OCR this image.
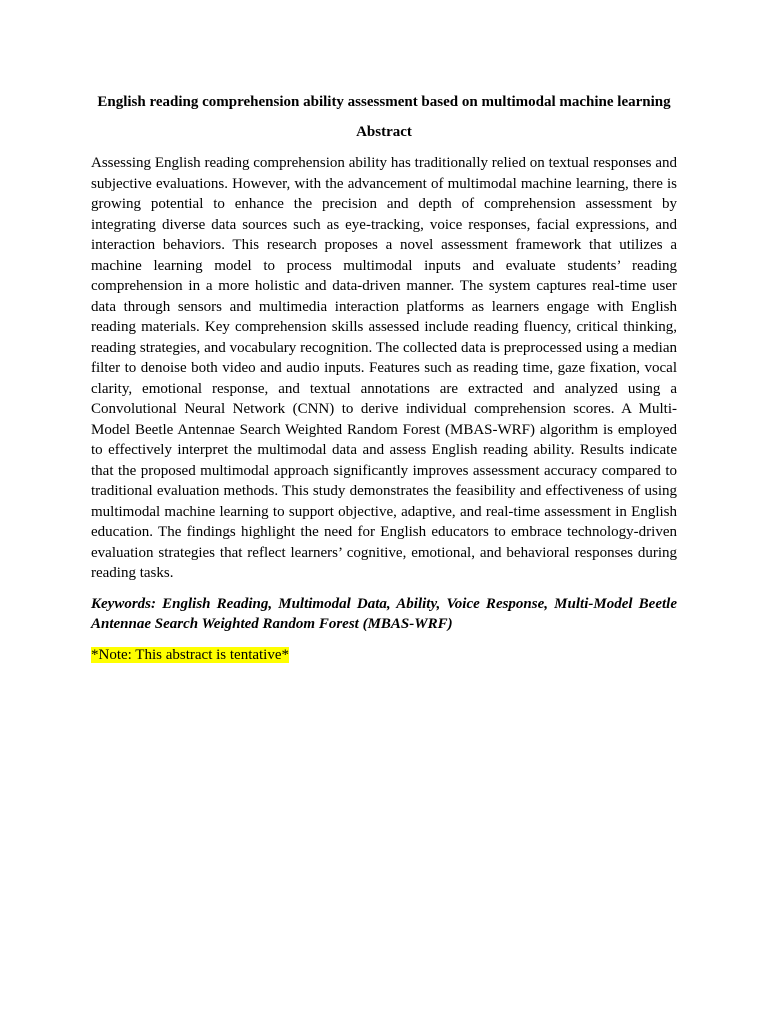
English reading comprehension ability assessment based on multimodal machine learning
Abstract

Assessing English reading comprehension ability has traditionally relied on textual responses and subjective evaluations. However, with the advancement of multimodal machine learning, there is growing potential to enhance the precision and depth of comprehension assessment by integrating diverse data sources such as eye-tracking, voice responses, facial expressions, and interaction behaviors. This research proposes a novel assessment framework that utilizes a machine learning model to process multimodal inputs and evaluate students’ reading comprehension in a more holistic and data-driven manner. The system captures real-time user data through sensors and multimedia interaction platforms as learners engage with English reading materials. Key comprehension skills assessed include reading fluency, critical thinking, reading strategies, and vocabulary recognition. The collected data is preprocessed using a median filter to denoise both video and audio inputs. Features such as reading time, gaze fixation, vocal clarity, emotional response, and textual annotations are extracted and analyzed using a Convolutional Neural Network (CNN) to derive individual comprehension scores. A Multi-Model Beetle Antennae Search Weighted Random Forest (MBAS-WRF) algorithm is employed to effectively interpret the multimodal data and assess English reading ability. Results indicate that the proposed multimodal approach significantly improves assessment accuracy compared to traditional evaluation methods. This study demonstrates the feasibility and effectiveness of using multimodal machine learning to support objective, adaptive, and real-time assessment in English education. The findings highlight the need for English educators to embrace technology-driven evaluation strategies that reflect learners’ cognitive, emotional, and behavioral responses during reading tasks.

Keywords: English Reading, Multimodal Data, Ability, Voice Response, Multi-Model Beetle Antennae Search Weighted Random Forest (MBAS-WRF)

*Note: This abstract is tentative*
